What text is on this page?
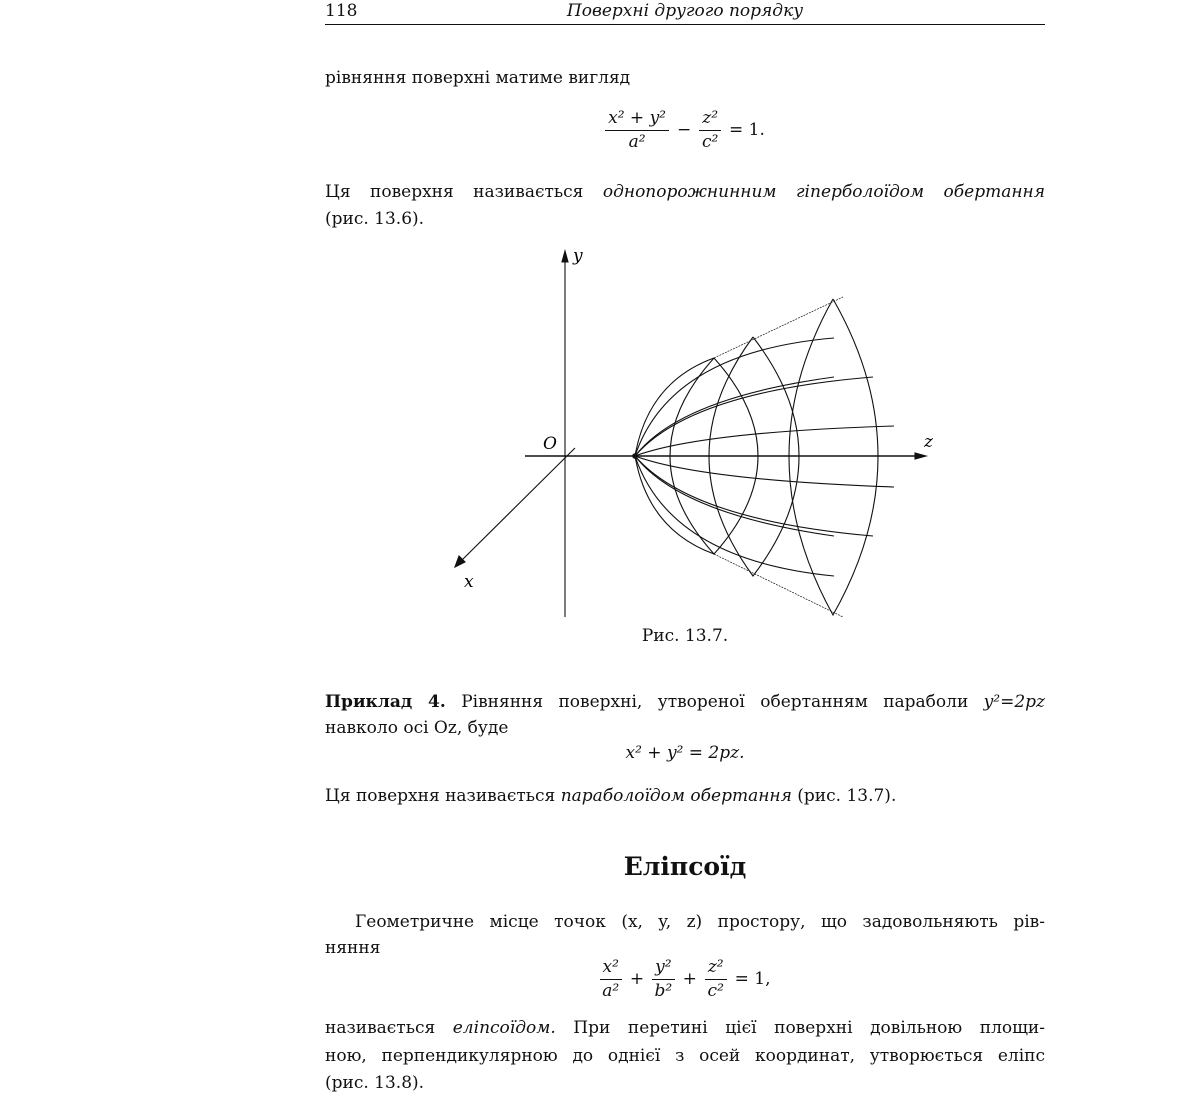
118	Поверхні другого порядку
рівняння поверхні матиме вигляд
$\frac{\text{x² + y²}}{\text{a²}} - \frac{\text{z²}}{\text{c²}} = 1$.
Ця поверхня називається однопорожнинним гіперболоїдом обертання
(рис. 13.6).
y
O	z
x
Рис. 13.7.
Приклад 4. Рівняння поверхні, утвореної обертанням параболи y²=2pz
навколо осі Oz, буде
x² + y² = 2pz.
Ця поверхня називається параболоїдом обертання (рис. 13.7).
Еліпсоїд
Геометричне місце точок (x, y, z) простору, що задовольняють рів-
няння
$\frac{\text{x²}}{\text{a²}} + \frac{\text{y²}}{\text{b²}} + \frac{\text{z²}}{\text{c²}} = 1$,
називається еліпсоїдом. При перетині цієї поверхні довільною площи-
ною, перпендикулярною до однієї з осей координат, утворюється еліпс
(рис. 13.8).
